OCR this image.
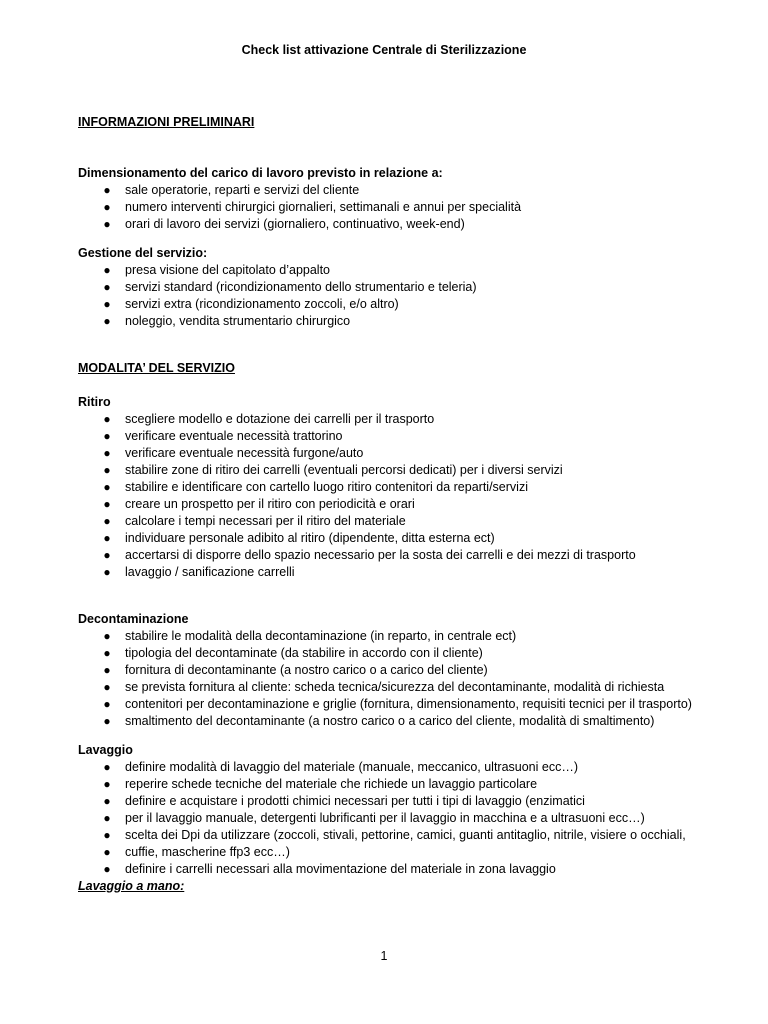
Check list attivazione Centrale di Sterilizzazione

INFORMAZIONI PRELIMINARI

Dimensionamento del carico di lavoro previsto in relazione a:

● sale operatorie, reparti e servizi del cliente
● numero interventi chirurgici giornalieri, settimanali e annui per specialità
● orari di lavoro dei servizi (giornaliero, continuativo, week-end)

Gestione del servizio:

● presa visione del capitolato d’appalto
● servizi standard (ricondizionamento dello strumentario e teleria)
● servizi extra (ricondizionamento zoccoli, e/o altro)
● noleggio, vendita strumentario chirurgico

MODALITA’ DEL SERVIZIO

Ritiro

● scegliere modello e dotazione dei carrelli per il trasporto
● verificare eventuale necessità trattorino
● verificare eventuale necessità furgone/auto
● stabilire zone di ritiro dei carrelli (eventuali percorsi dedicati) per i diversi servizi
● stabilire e identificare con cartello luogo ritiro contenitori da reparti/servizi
● creare un prospetto per il ritiro con periodicità e orari
● calcolare i tempi necessari per il ritiro del materiale
● individuare personale adibito al ritiro (dipendente, ditta esterna ect)
● accertarsi di disporre dello spazio necessario per la sosta dei carrelli e dei mezzi di trasporto
● lavaggio / sanificazione carrelli

Decontaminazione

● stabilire le modalità della decontaminazione (in reparto, in centrale ect)
● tipologia del decontaminate (da stabilire in accordo con il cliente)
● fornitura di decontaminante (a nostro carico o a carico del cliente)
● se prevista fornitura al cliente: scheda tecnica/sicurezza del decontaminante, modalità di richiesta
● contenitori per decontaminazione e griglie (fornitura, dimensionamento, requisiti tecnici per il trasporto)
● smaltimento del decontaminante (a nostro carico o a carico del cliente, modalità di smaltimento)

Lavaggio

● definire modalità di lavaggio del materiale (manuale, meccanico, ultrasuoni ecc…)
● reperire schede tecniche del materiale che richiede un lavaggio particolare
● definire e acquistare i prodotti chimici necessari per tutti i tipi di lavaggio (enzimatici
● per il lavaggio manuale, detergenti lubrificanti per il lavaggio in macchina e a ultrasuoni ecc…)
● scelta dei Dpi da utilizzare (zoccoli, stivali, pettorine, camici, guanti antitaglio, nitrile, visiere o occhiali,
● cuffie, mascherine ffp3 ecc…)
● definire i carrelli necessari alla movimentazione del materiale in zona lavaggio

Lavaggio a mano:

1
